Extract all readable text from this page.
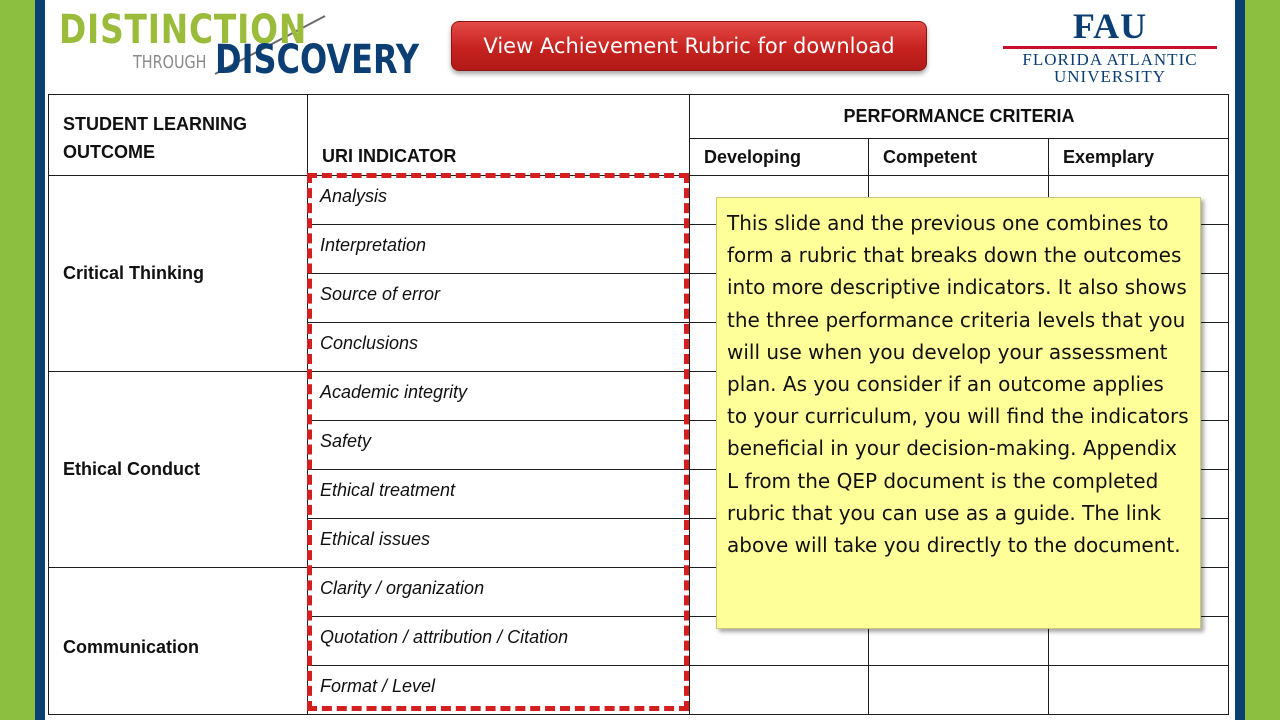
DISTINCTION
THROUGH DISCOVERY	View Achievement Rubric for download	FAU
FLORIDA ATLANTIC
UNIVERSITY
STUDENT LEARNING OUTCOME	URI INDICATOR	PERFORMANCE CRITERIA		
		Developing	Competent	Exemplary
Critical Thinking	Analysis			
	Interpretation			
	Source of error			
	Conclusions			
Ethical Conduct	Academic integrity			
	Safety			
	Ethical treatment			
	Ethical issues			
Communication	Clarity / organization			
	Quotation / attribution / Citation			
	Format / Level			
This slide and the previous one combines to form a rubric that breaks down the outcomes into more descriptive indicators. It also shows the three performance criteria levels that you will use when you develop your assessment plan. As you consider if an outcome applies to your curriculum, you will find the indicators beneficial in your decision-making. Appendix L from the QEP document is the completed rubric that you can use as a guide. The link above will take you directly to the document.
